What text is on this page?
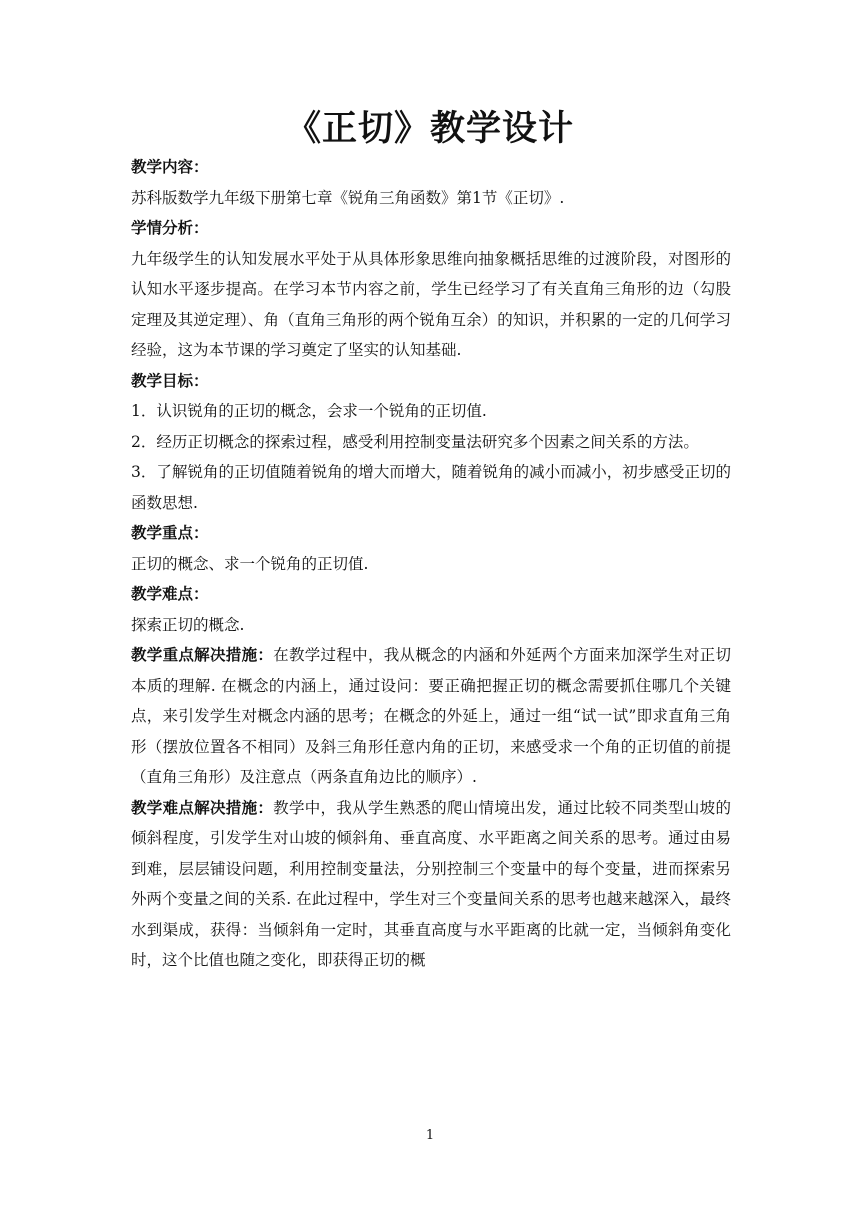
《正切》教学设计

教学内容：

苏科版数学九年级下册第七章《锐角三角函数》第1节《正切》.

学情分析：

九年级学生的认知发展水平处于从具体形象思维向抽象概括思维的过渡阶段，对图形的认知水平逐步提高。在学习本节内容之前，学生已经学习了有关直角三角形的边（勾股定理及其逆定理）、角（直角三角形的两个锐角互余）的知识，并积累的一定的几何学习经验，这为本节课的学习奠定了坚实的认知基础.

教学目标：

1．认识锐角的正切的概念，会求一个锐角的正切值.

2．经历正切概念的探索过程，感受利用控制变量法研究多个因素之间关系的方法。

3．了解锐角的正切值随着锐角的增大而增大，随着锐角的减小而减小，初步感受正切的函数思想.

教学重点：

正切的概念、求一个锐角的正切值.

教学难点：

探索正切的概念.

教学重点解决措施：在教学过程中，我从概念的内涵和外延两个方面来加深学生对正切本质的理解. 在概念的内涵上，通过设问：要正确把握正切的概念需要抓住哪几个关键点，来引发学生对概念内涵的思考；在概念的外延上，通过一组“试一试”即求直角三角形（摆放位置各不相同）及斜三角形任意内角的正切，来感受求一个角的正切值的前提（直角三角形）及注意点（两条直角边比的顺序）.

教学难点解决措施：教学中，我从学生熟悉的爬山情境出发，通过比较不同类型山坡的倾斜程度，引发学生对山坡的倾斜角、垂直高度、水平距离之间关系的思考。通过由易到难，层层铺设问题，利用控制变量法，分别控制三个变量中的每个变量，进而探索另外两个变量之间的关系. 在此过程中，学生对三个变量间关系的思考也越来越深入，最终水到渠成，获得：当倾斜角一定时，其垂直高度与水平距离的比就一定，当倾斜角变化时，这个比值也随之变化，即获得正切的概

1
